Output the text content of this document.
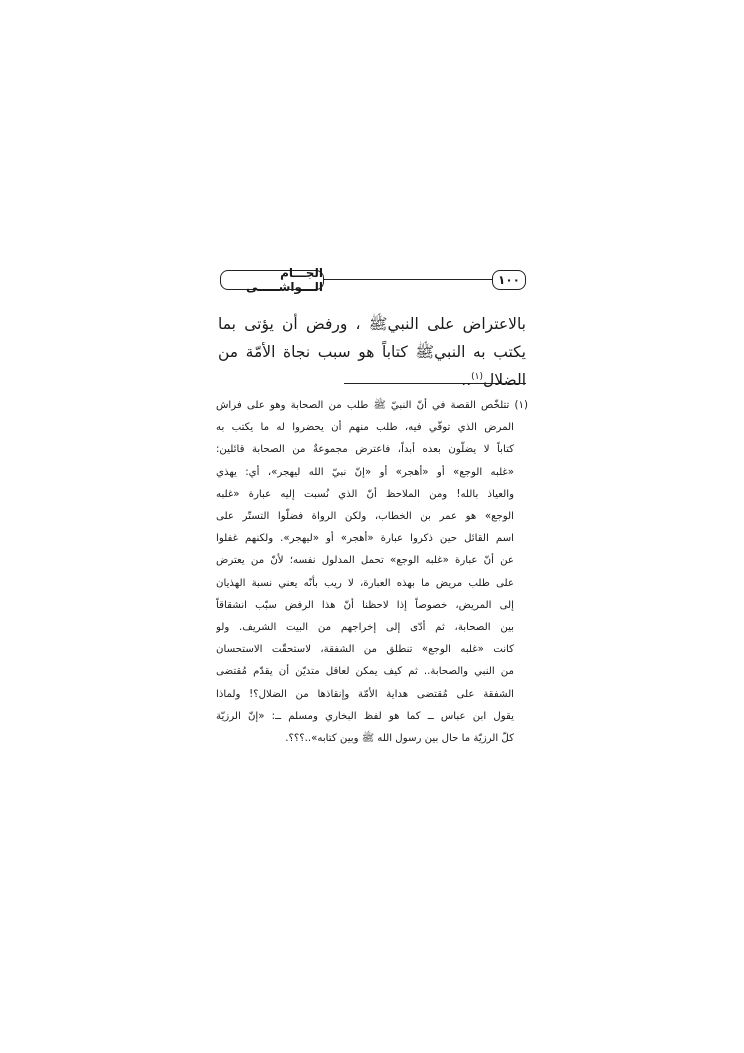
الجـــام الـــواشـــــى	١٠٠

بالاعتراض على النبيﷺ ، ورفض أن يؤتى بما يكتب به النبيﷺ كتاباً هو سبب نجاة الأمّة من الضلال$^{(١)}$..

(١) تتلخّص القصة في أنّ النبيّ ﷺ طلب من الصحابة وهو على فراش
المرض الذي توفّي فيه، طلب منهم أن يحضروا له ما يكتب به
كتاباً لا يضلّون بعده أبداً، فاعترض مجموعةٌ من الصحابة قائلين:
«غلبه الوجع» أو «أهجر» أو «إنّ نبيّ الله ليهجر»، أي: يهذي
والعياذ بالله! ومن الملاحظ أنّ الذي نُسبت إليه عبارة «غلبه
الوجع» هو عمر بن الخطاب، ولكن الرواة فضلّوا التستّر على
اسم القائل حين ذكروا عبارة «أهجر» أو «ليهجر». ولكنهم غفلوا
عن أنّ عبارة «غلبه الوجع» تحمل المدلول نفسه؛ لأنّ من يعترض
على طلب مريض ما بهذه العبارة، لا ريب بأنّه يعني نسبة الهذيان
إلى المريض، خصوصاً إذا لاحظنا أنّ هذا الرفض سبّب انشقاقاً
بين الصحابة، ثم أدّى إلى إخراجهم من البيت الشريف. ولو
كانت «غلبه الوجع» تنطلق من الشفقة، لاستحقّت الاستحسان
من النبي والصحابة.. ثم كيف يمكن لعاقل متديّن أن يقدّم مُقتضى
الشفقة على مُقتضى هداية الأمّة وإنقاذها من الضلال؟! ولماذا
يقول ابن عباس ــ كما هو لفظ البخاري ومسلم ــ: «إنّ الرزيّة
كلّ الرزيّة ما حال بين رسول الله ﷺ وبين كتابه»..؟؟؟.
